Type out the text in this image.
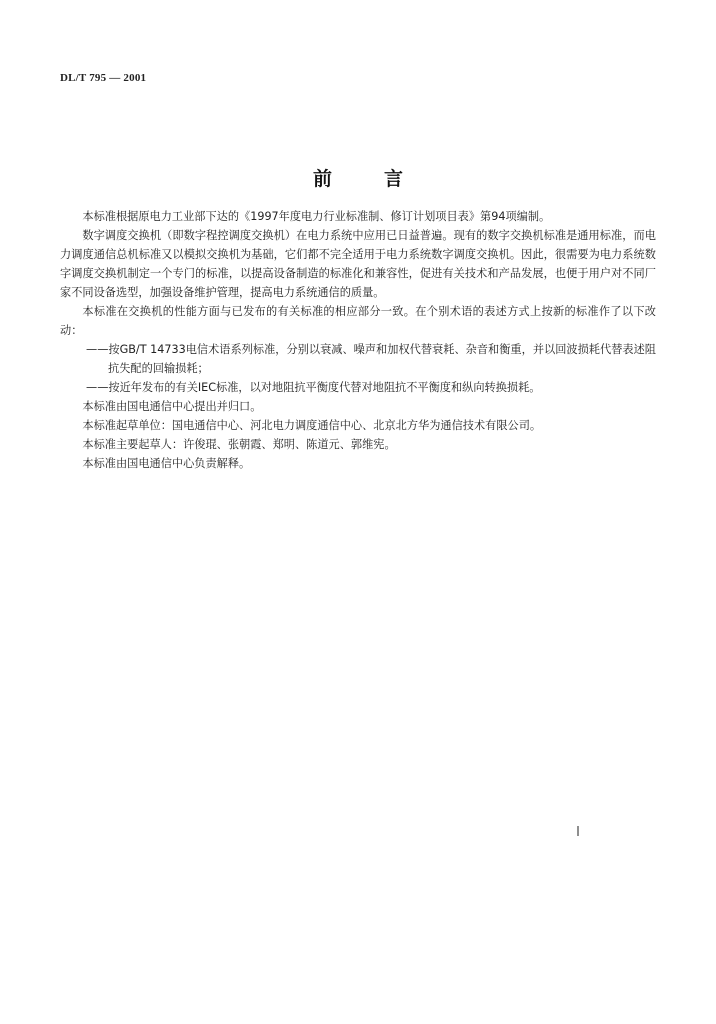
DL/T 795 — 2001
前言

本标准根据原电力工业部下达的《1997年度电力行业标准制、修订计划项目表》第94项编制。

数字调度交换机（即数字程控调度交换机）在电力系统中应用已日益普遍。现有的数字交换机标准是通用标准，而电力调度通信总机标准又以模拟交换机为基础，它们都不完全适用于电力系统数字调度交换机。因此，很需要为电力系统数字调度交换机制定一个专门的标准，以提高设备制造的标准化和兼容性，促进有关技术和产品发展，也便于用户对不同厂家不同设备选型，加强设备维护管理，提高电力系统通信的质量。

本标准在交换机的性能方面与已发布的有关标准的相应部分一致。在个别术语的表述方式上按新的标准作了以下改动：

——按GB/T 14733电信术语系列标准，分别以衰减、噪声和加权代替衰耗、杂音和衡重，并以回波损耗代替表述阻抗失配的回输损耗；

——按近年发布的有关IEC标准，以对地阻抗平衡度代替对地阻抗不平衡度和纵向转换损耗。

本标准由国电通信中心提出并归口。

本标准起草单位：国电通信中心、河北电力调度通信中心、北京北方华为通信技术有限公司。

本标准主要起草人：许俊琨、张朝霞、郑明、陈道元、郭维宪。

本标准由国电通信中心负责解释。
